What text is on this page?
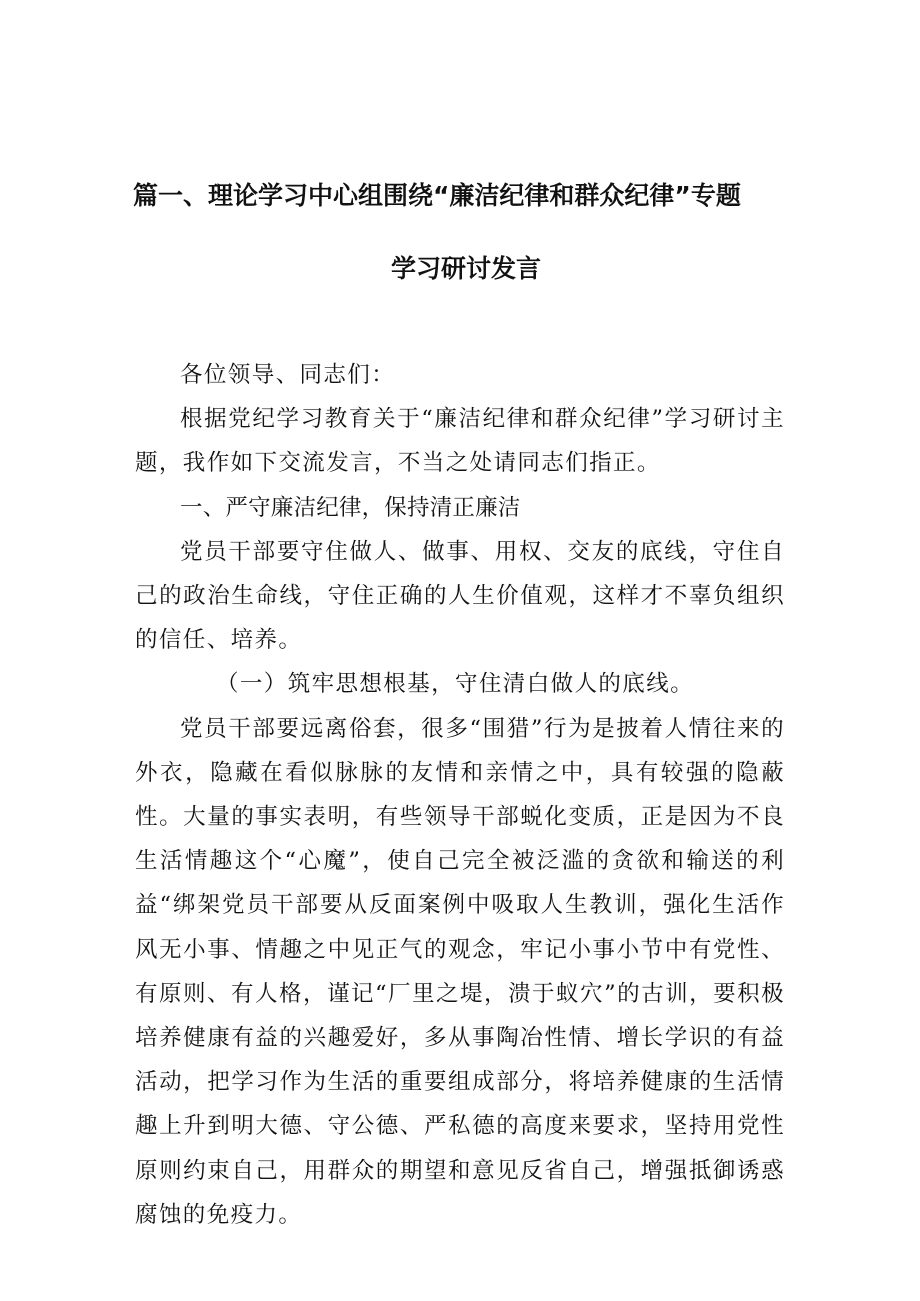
篇一、理论学习中心组围绕“廉洁纪律和群众纪律”专题
学习研讨发言

各位领导、同志们：

根据党纪学习教育关于“廉洁纪律和群众纪律”学习研讨主题，我作如下交流发言，不当之处请同志们指正。

一、严守廉洁纪律，保持清正廉洁

党员干部要守住做人、做事、用权、交友的底线，守住自己的政治生命线，守住正确的人生价值观，这样才不辜负组织的信任、培养。

（一）筑牢思想根基，守住清白做人的底线。

党员干部要远离俗套，很多“围猎”行为是披着人情往来的外衣，隐藏在看似脉脉的友情和亲情之中，具有较强的隐蔽性。大量的事实表明，有些领导干部蜕化变质，正是因为不良生活情趣这个“心魔”，使自己完全被泛滥的贪欲和输送的利益“绑架党员干部要从反面案例中吸取人生教训，强化生活作风无小事、情趣之中见正气的观念，牢记小事小节中有党性、有原则、有人格，谨记“厂里之堤，溃于蚁穴”的古训，要积极培养健康有益的兴趣爱好，多从事陶冶性情、增长学识的有益活动，把学习作为生活的重要组成部分，将培养健康的生活情趣上升到明大德、守公德、严私德的高度来要求，坚持用党性原则约束自己，用群众的期望和意见反省自己，增强抵御诱惑腐蚀的免疫力。
